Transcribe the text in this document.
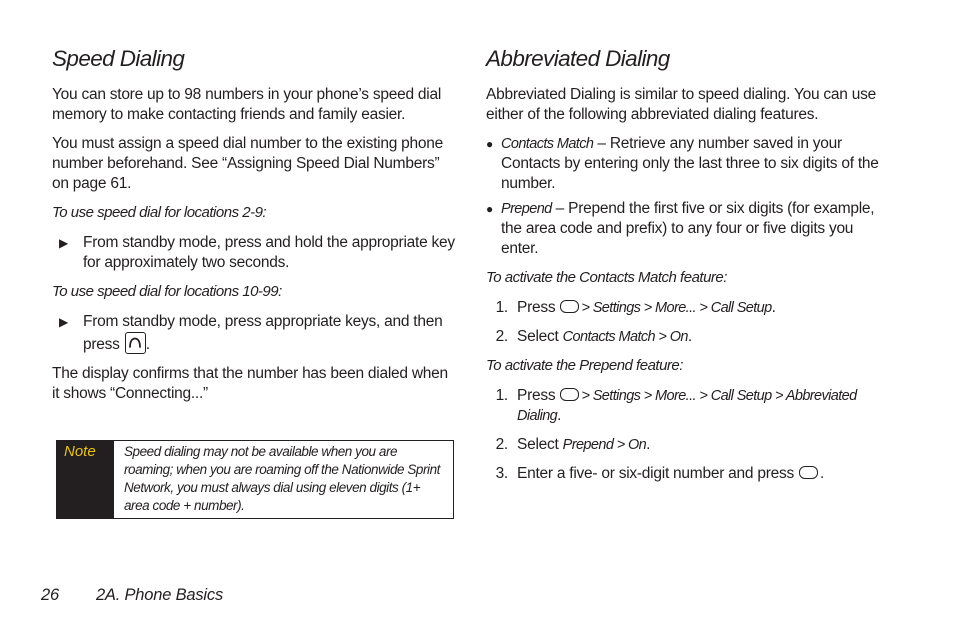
Speed Dialing

You can store up to 98 numbers in your phone’s speed dial memory to make contacting friends and family easier.

You must assign a speed dial number to the existing phone number beforehand. See “Assigning Speed Dial Numbers” on page 61.

To use speed dial for locations 2-9:
▶ From standby mode, press and hold the appropriate key for approximately two seconds.
To use speed dial for locations 10-99:
▶ From standby mode, press appropriate keys, and then press .

The display confirms that the number has been dialed when it shows “Connecting...”

Note	Speed dialing may not be available when you are roaming; when you are roaming off the Nationwide Sprint Network, you must always dial using eleven digits (1+ area code + number).
Abbreviated Dialing

Abbreviated Dialing is similar to speed dialing. You can use either of the following abbreviated dialing features.

● Contacts Match – Retrieve any number saved in your Contacts by entering only the last three to six digits of the number.
● Prepend – Prepend the first five or six digits (for example, the area code and prefix) to any four or five digits you enter.
To activate the Contacts Match feature:
1. Press > Settings > More... > Call Setup.
2. Select Contacts Match > On.
To activate the Prepend feature:
1. Press > Settings > More... > Call Setup > Abbreviated Dialing.
2. Select Prepend > On.
3. Enter a five- or six-digit number and press .
26 2A. Phone Basics
